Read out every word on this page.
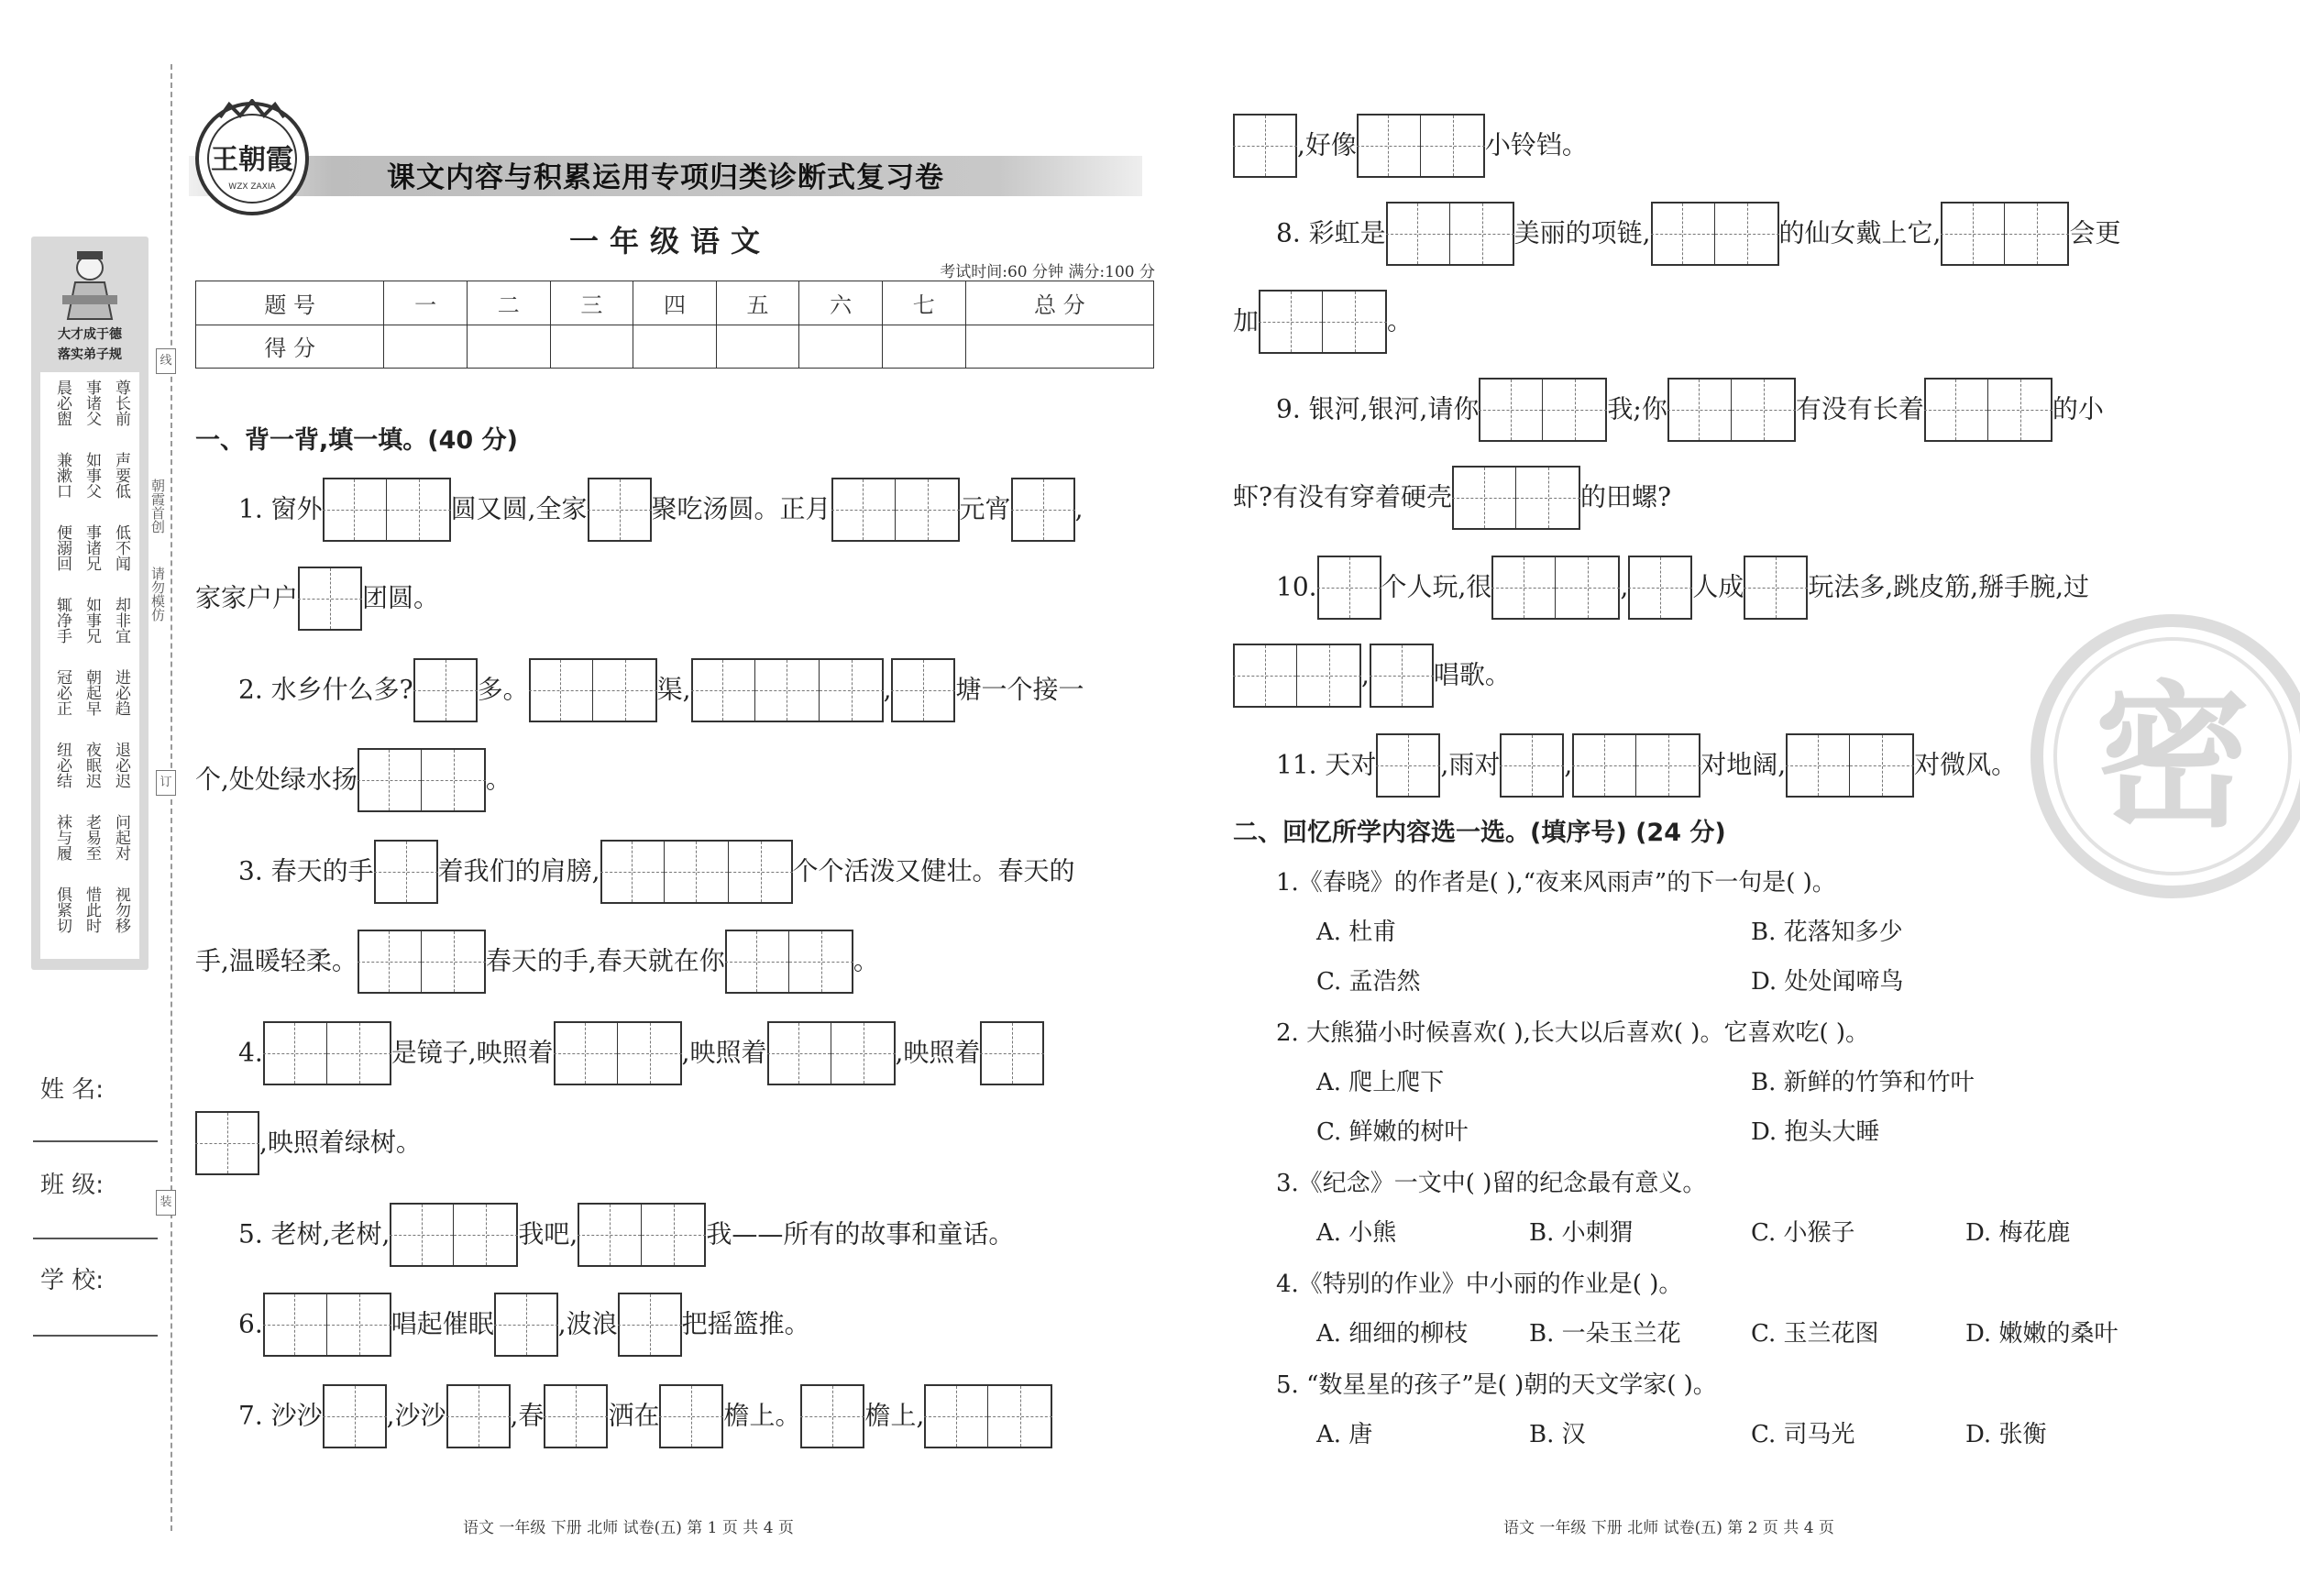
大才成于德
落实弟子规
晨必盥 事诸父 尊长前
兼漱口 如事父 声要低
便溺回 事诸兄 低不闻
辄净手 如事兄 却非宜
冠必正 朝起早 进必趋
纽必结 夜眠迟 退必迟
袜与履 老易至 问起对
俱紧切 惜此时 视勿移
线
订
装
朝霞首创
请勿模仿
姓 名:
班 级:
学 校:
王朝霞
WZX ZAXIA	课文内容与积累运用专项归类诊断式复习卷
一年级语文
考试时间:60 分钟 满分:100 分
题 号	一	二	三	四	五	六	七	总 分
得 分								
一、背一背,填一填。(40 分)
1. 窗外	圆又圆,全家	聚吃汤圆。正月	元宵	,
家家户户	团圆。
2. 水乡什么多?	多。	渠,	,	塘一个接一
个,处处绿水扬	。
3. 春天的手	着我们的肩膀,	个个活泼又健壮。春天的
手,温暖轻柔。	春天的手,春天就在你	。
4.	是镜子,映照着	,映照着	,映照着
,映照着绿树。
5. 老树,老树,	我吧,	我——所有的故事和童话。
6.	唱起催眠	,波浪	把摇篮推。
7. 沙沙	,沙沙	,春	洒在	檐上。	檐上,
,好像	小铃铛。
8. 彩虹是	美丽的项链,	的仙女戴上它,	会更
加	。
9. 银河,银河,请你	我;你	有没有长着	的小
虾?有没有穿着硬壳	的田螺?
10.	个人玩,很	,	人成	玩法多,跳皮筋,掰手腕,过
,	唱歌。
11. 天对	,雨对	,	对地阔,	对微风。
二、回忆所学内容选一选。(填序号) (24 分)
1.《春晓》的作者是( ),“夜来风雨声”的下一句是( )。
A. 杜甫	B. 花落知多少
C. 孟浩然	D. 处处闻啼鸟
2. 大熊猫小时候喜欢( ),长大以后喜欢( )。它喜欢吃( )。
A. 爬上爬下	B. 新鲜的竹笋和竹叶
C. 鲜嫩的树叶	D. 抱头大睡
3.《纪念》一文中( )留的纪念最有意义。
A. 小熊	B. 小刺猬	C. 小猴子	D. 梅花鹿
4.《特别的作业》中小丽的作业是( )。
A. 细细的柳枝	B. 一朵玉兰花	C. 玉兰花图	D. 嫩嫩的桑叶
5. “数星星的孩子”是( )朝的天文学家( )。
A. 唐	B. 汉	C. 司马光	D. 张衡
密
语文 一年级 下册 北师 试卷(五) 第 1 页 共 4 页	语文 一年级 下册 北师 试卷(五) 第 2 页 共 4 页
